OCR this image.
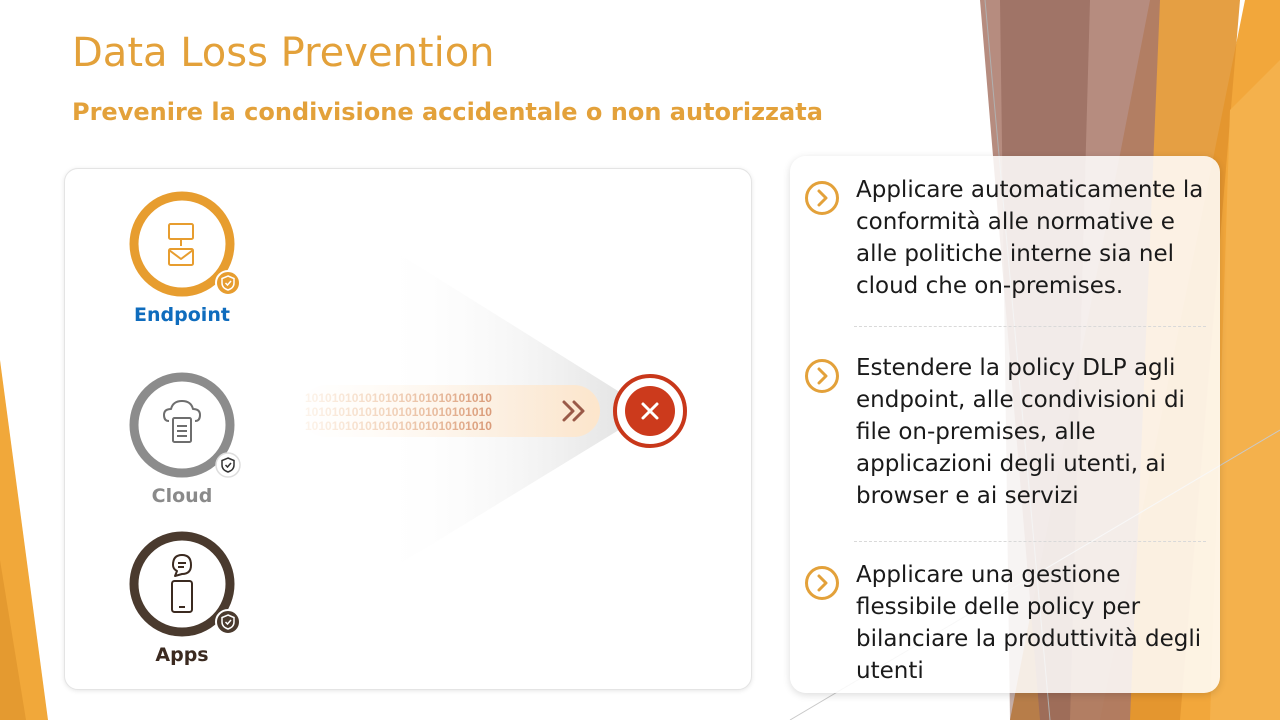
Data Loss Prevention
Prevenire la condivisione accidentale o non autorizzata
1010101010101010101010101010
1010101010101010101010101010
1010101010101010101010101010
Endpoint
Cloud
Apps

Applicare automaticamente la conformità alle normative e alle politiche interne sia nel cloud che on-premises.

Estendere la policy DLP agli endpoint, alle condivisioni di file on-premises, alle applicazioni degli utenti, ai browser e ai servizi

Applicare una gestione flessibile delle policy per bilanciare la produttività degli utenti
